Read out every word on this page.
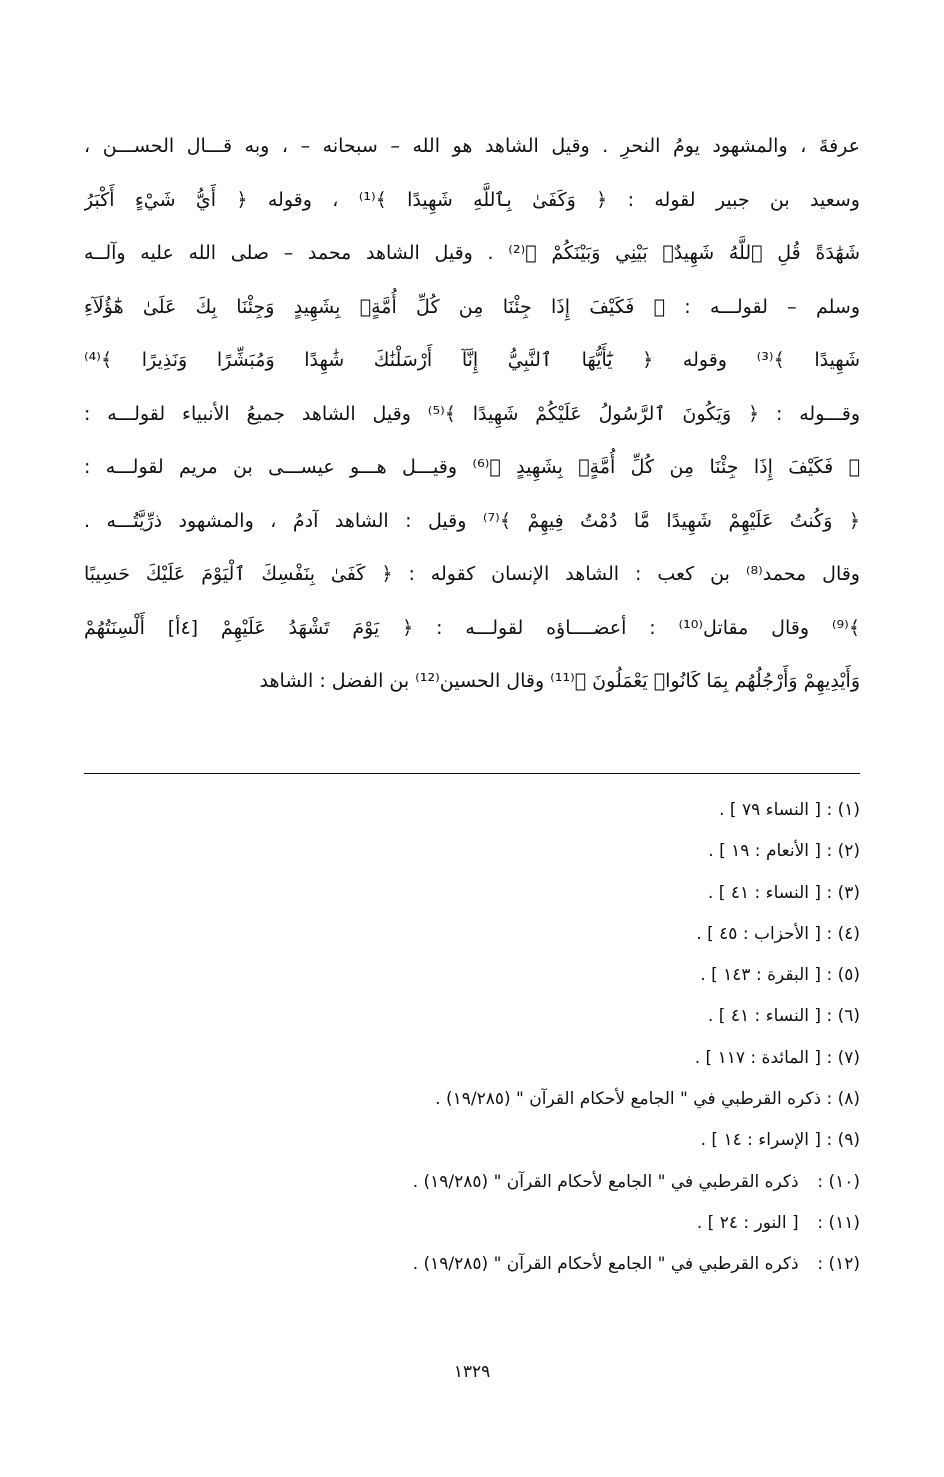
عرفةَ ، والمشهود يومُ النحرِ . وقيل الشاهد هو الله – سبحانه – ، وبه قـــال الحســـن ،
وسعيد بن جبير لقوله : ﴿ وَكَفَىٰ بِٱللَّهِ شَهِيدًا ﴾⁽¹⁾ ، وقوله ﴿ أَيُّ شَيْءٍ أَكْبَرُ
شَهَٰدَةً قُلِ ٱللَّهُ شَهِيدٌۢ بَيْنِي وَبَيْنَكُمْ ﴾⁽²⁾ . وقيل الشاهد محمد – صلى الله عليه وآلــه
وسلم – لقولـــه : ﴿ فَكَيْفَ إِذَا جِئْنَا مِن كُلِّ أُمَّةٍۭ بِشَهِيدٍ وَجِئْنَا بِكَ عَلَىٰ هَٰٓؤُلَآءِ
شَهِيدًا ﴾⁽³⁾ وقوله ﴿ يَٰٓأَيُّهَا ٱلنَّبِيُّ إِنَّآ أَرْسَلْنَٰكَ شَٰهِدًا وَمُبَشِّرًا وَنَذِيرًا ﴾⁽⁴⁾
وقـــوله : ﴿ وَيَكُونَ ٱلرَّسُولُ عَلَيْكُمْ شَهِيدًا ﴾⁽⁵⁾ وقيل الشاهد جميعُ الأنبياء لقولـــه :
﴿ فَكَيْفَ إِذَا جِئْنَا مِن كُلِّ أُمَّةٍۭ بِشَهِيدٍ ﴾⁽⁶⁾ وقيـــل هـــو عيســـى بن مريم لقولـــه :
﴿ وَكُنتُ عَلَيْهِمْ شَهِيدًا مَّا دُمْتُ فِيهِمْ ﴾⁽⁷⁾ وقيل : الشاهد آدمُ ، والمشهود ذرِّيَّتُـــه .
وقال محمد⁽⁸⁾ بن كعب : الشاهد الإنسان كقوله : ﴿ كَفَىٰ بِنَفْسِكَ ٱلْيَوْمَ عَلَيْكَ حَسِيبًا
﴾⁽⁹⁾ وقال مقاتل⁽¹⁰⁾ : أعضــــاؤه لقولـــه : ﴿ يَوْمَ تَشْهَدُ عَلَيْهِمْ [٤أ] أَلْسِنَتُهُمْ
وَأَيْدِيهِمْ وَأَرْجُلُهُم بِمَا كَانُوا۟ يَعْمَلُونَ ﴾⁽¹¹⁾ وقال الحسين⁽¹²⁾ بن الفضل : الشاهد
(١) : [ النساء ٧٩ ] .
(٢) : [ الأنعام : ١٩ ] .
(٣) : [ النساء : ٤١ ] .
(٤) : [ الأحزاب : ٤٥ ] .
(٥) : [ البقرة : ١٤٣ ] .
(٦) : [ النساء : ٤١ ] .
(٧) : [ المائدة : ١١٧ ] .
(٨) : ذكره القرطبي في " الجامع لأحكام القرآن " (١٩/٢٨٥) .
(٩) : [ الإسراء : ١٤ ] .
(١٠) : ذكره القرطبي في " الجامع لأحكام القرآن " (١٩/٢٨٥) .
(١١) : [ النور : ٢٤ ] .
(١٢) : ذكره القرطبي في " الجامع لأحكام القرآن " (١٩/٢٨٥) .
١٣٢٩
